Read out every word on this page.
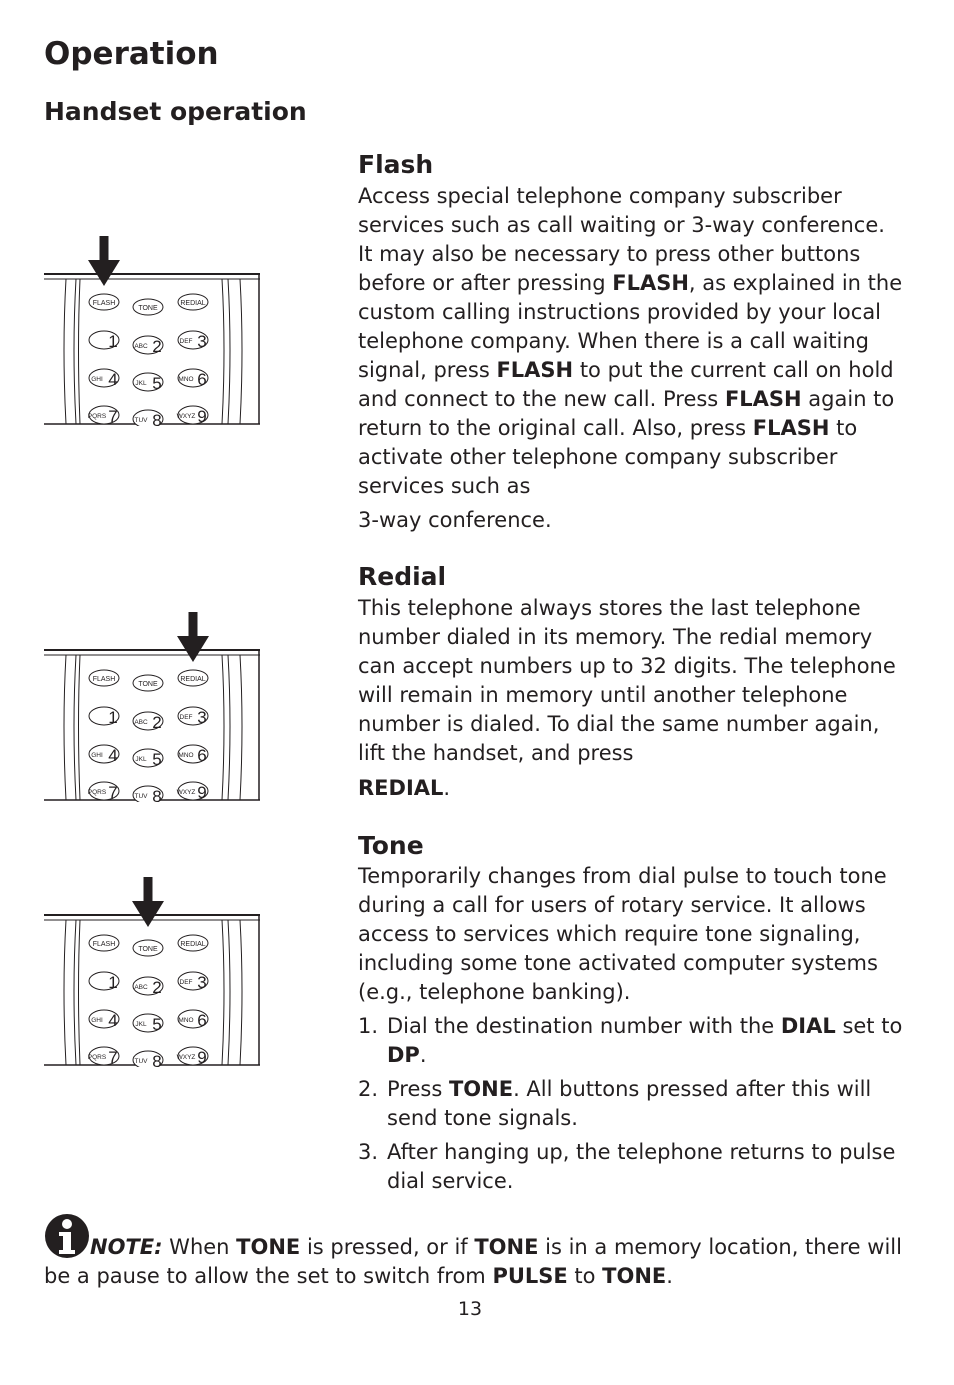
Operation
Handset operation
FLASH
TONE
REDIAL
1 2
ABC	3
DEF
4
GHI	5
JKL	6
MNO
7
PQRS	8
TUV	9
WXYZ
FLASH
TONE
REDIAL
1 2
ABC	3
DEF
4
GHI	5
JKL	6
MNO
7
PQRS	8
TUV	9
WXYZ
FLASH
TONE
REDIAL
1 2
ABC	3
DEF
4
GHI	5
JKL	6
MNO
7
PQRS	8
TUV	9
WXYZ
Flash

Access special telephone company subscriber services such as call waiting or 3-way conference. It may also be necessary to press other buttons before or after pressing FLASH, as explained in the custom calling instructions provided by your local telephone company. When there is a call waiting signal, press FLASH to put the current call on hold and connect to the new call. Press FLASH again to return to the original call. Also, press FLASH to activate other telephone company subscriber services such as

3-way conference.

Redial

This telephone always stores the last telephone number dialed in its memory. The redial memory can accept numbers up to 32 digits. The telephone will remain in memory until another telephone number is dialed. To dial the same number again, lift the handset, and press

REDIAL.

Tone

Temporarily changes from dial pulse to touch tone during a call for users of rotary service. It allows access to services which require tone signaling, including some tone activated computer systems (e.g., telephone banking).

1. Dial the destination number with the DIAL set to DP.
2. Press TONE. All buttons pressed after this will send tone signals.
3. After hanging up, the telephone returns to pulse dial service.
NOTE: When TONE is pressed, or if TONE is in a memory location, there will be a pause to allow the set to switch from PULSE to TONE.
13
